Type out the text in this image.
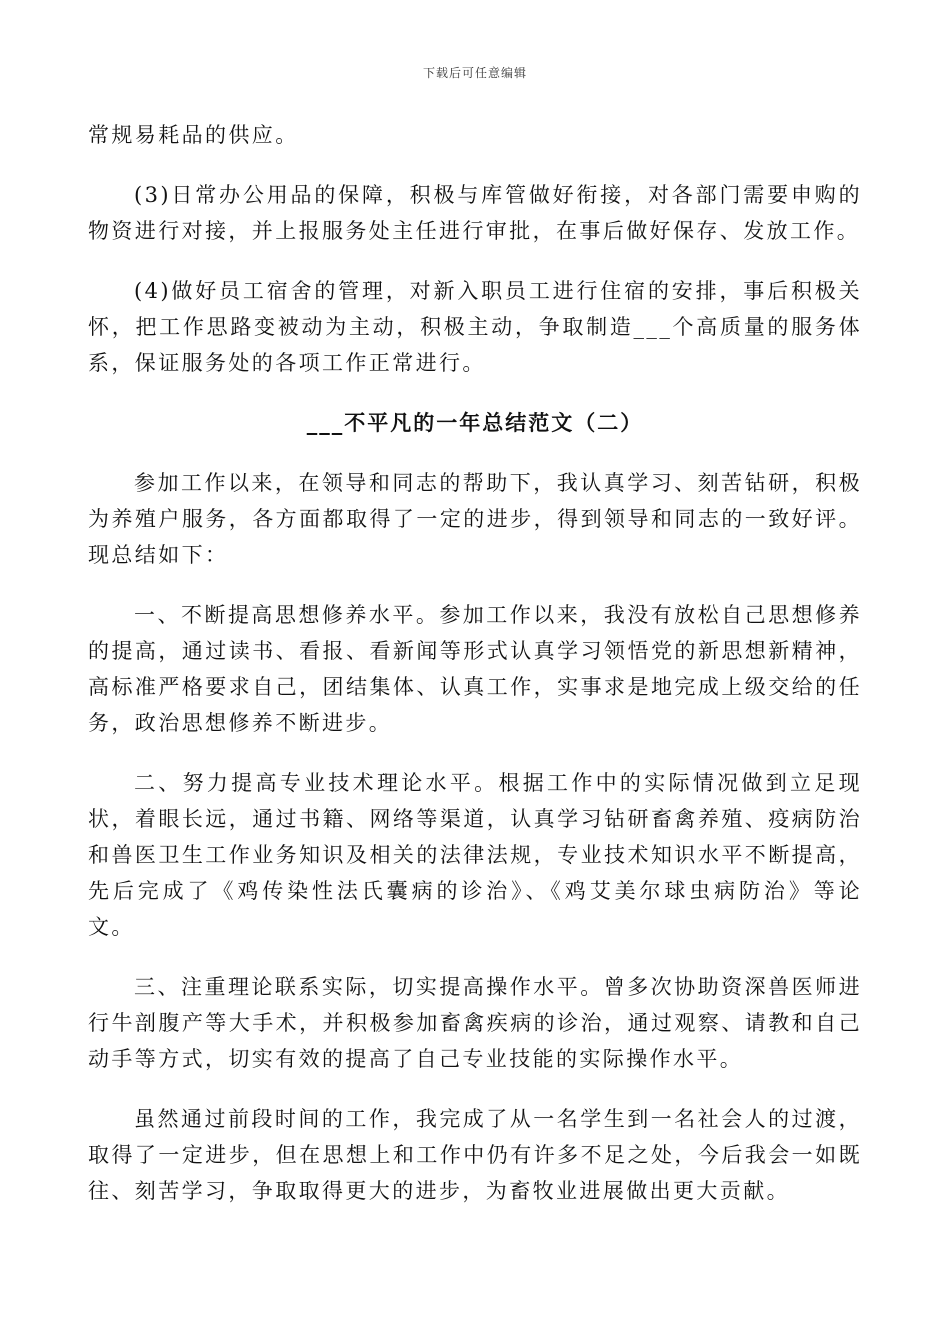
下载后可任意编辑

常规易耗品的供应。

(3)日常办公用品的保障，积极与库管做好衔接，对各部门需要申购的物资进行对接，并上报服务处主任进行审批，在事后做好保存、发放工作。

(4)做好员工宿舍的管理，对新入职员工进行住宿的安排，事后积极关怀，把工作思路变被动为主动，积极主动，争取制造___个高质量的服务体系，保证服务处的各项工作正常进行。

___不平凡的一年总结范文（二）

参加工作以来，在领导和同志的帮助下，我认真学习、刻苦钻研，积极为养殖户服务，各方面都取得了一定的进步，得到领导和同志的一致好评。现总结如下：

一、不断提高思想修养水平。参加工作以来，我没有放松自己思想修养的提高，通过读书、看报、看新闻等形式认真学习领悟党的新思想新精神，高标准严格要求自己，团结集体、认真工作，实事求是地完成上级交给的任务，政治思想修养不断进步。

二、努力提高专业技术理论水平。根据工作中的实际情况做到立足现状，着眼长远，通过书籍、网络等渠道，认真学习钻研畜禽养殖、疫病防治和兽医卫生工作业务知识及相关的法律法规，专业技术知识水平不断提高，先后完成了《鸡传染性法氏囊病的诊治》、《鸡艾美尔球虫病防治》等论文。

三、注重理论联系实际，切实提高操作水平。曾多次协助资深兽医师进行牛剖腹产等大手术，并积极参加畜禽疾病的诊治，通过观察、请教和自己动手等方式，切实有效的提高了自己专业技能的实际操作水平。

虽然通过前段时间的工作，我完成了从一名学生到一名社会人的过渡，取得了一定进步，但在思想上和工作中仍有许多不足之处，今后我会一如既往、刻苦学习，争取取得更大的进步，为畜牧业进展做出更大贡献。
